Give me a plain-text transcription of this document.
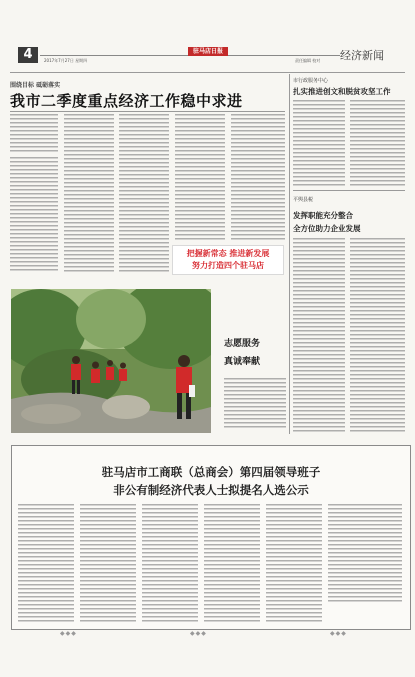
4	2017年7月27日 星期四
驻马店日报
责任编辑 校对 经济新闻
围绕目标 砥砺落实
我市二季度重点经济工作稳中求进
把握新常态 推进新发展
努力打造四个驻马店
市行政服务中心
扎实推进创文和脱贫攻坚工作
平舆县税
发挥职能充分整合
全方位助力企业发展
志愿服务
真诚奉献
驻马店市工商联（总商会）第四届领导班子
非公有制经济代表人士拟提名人选公示
◆◆◆	◆◆◆	◆◆◆
